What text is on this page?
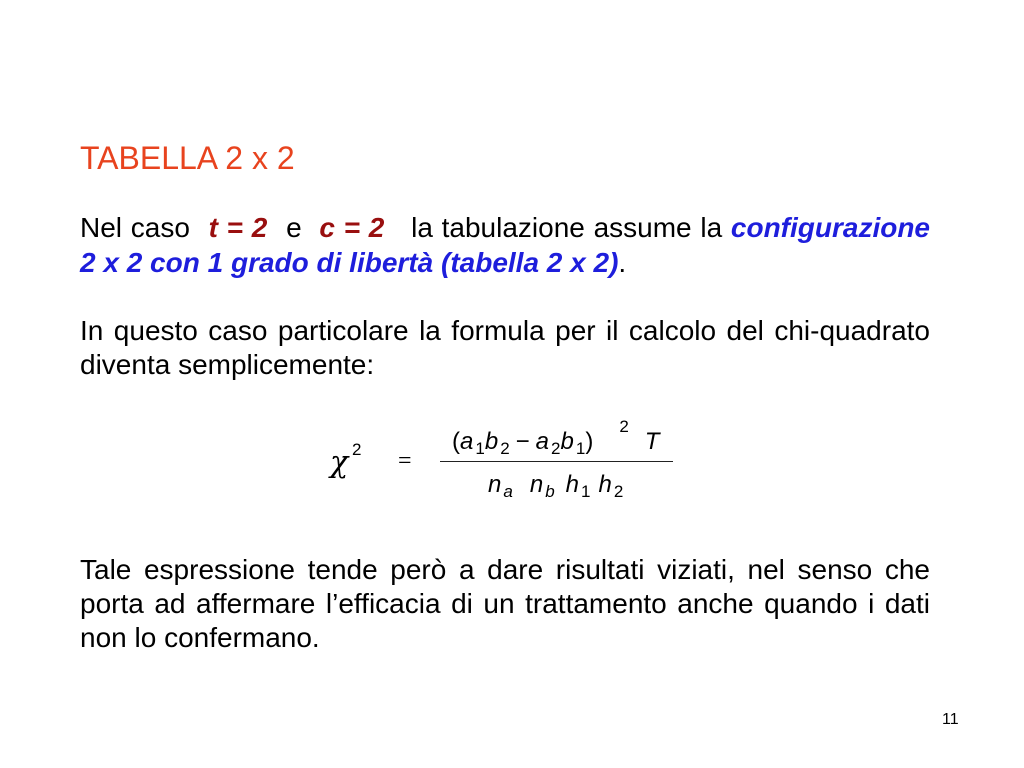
TABELLA 2 x 2
Nel caso t = 2 e c = 2 la tabulazione assume la configurazione
2 x 2 con 1 grado di libertà (tabella 2 x 2).
In questo caso particolare la formula per il calcolo del chi-quadrato
diventa semplicemente:
χ 2 =
(a $_1$b $_2$ − a $_2$b $_1$)$^2$T
n $_a$ n $_b$ h $_1$ h $_2$
Tale espressione tende però a dare risultati viziati, nel senso che
porta ad affermare l’efficacia di un trattamento anche quando i dati
non lo confermano.
11
